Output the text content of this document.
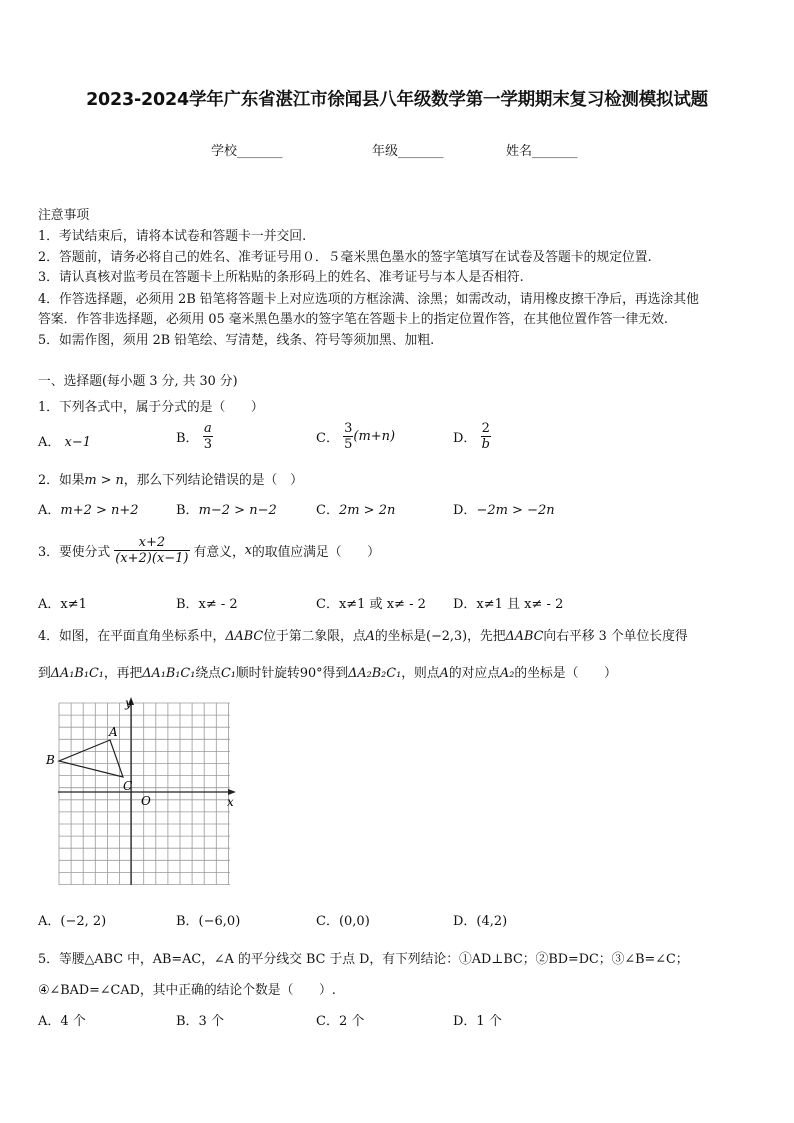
2023-2024学年广东省湛江市徐闻县八年级数学第一学期期末复习检测模拟试题
学校_______	年级_______	姓名_______
注意事项
1．考试结束后，请将本试卷和答题卡一并交回.
2．答题前，请务必将自己的姓名、准考证号用０．５毫米黑色墨水的签字笔填写在试卷及答题卡的规定位置.
3．请认真核对监考员在答题卡上所粘贴的条形码上的姓名、准考证号与本人是否相符.
4．作答选择题，必须用 2B 铅笔将答题卡上对应选项的方框涂满、涂黑；如需改动，请用橡皮擦干净后，再选涂其他
答案．作答非选择题，必须用 05 毫米黑色墨水的签字笔在答题卡上的指定位置作答，在其他位置作答一律无效.
5．如需作图，须用 2B 铅笔绘、写清楚，线条、符号等须加黑、加粗.
一、选择题(每小题 3 分, 共 30 分)
1．下列各式中，属于分式的是（　　）
A． x−1	B． $\frac{a}{3}$	C． $\frac{3}{5} (m+n)$	D． $\frac{2}{b}$
2．如果m > n，那么下列结论错误的是（　）
A．m+2 > n+2	B．m−2 > n−2	C．2m > 2n	D．−2m > −2n
3．要使分式 $\frac{x+2}{(x+2)(x-1)}$ 有意义，x的取值应满足（　　）
A．x≠1	B．x≠ - 2	C．x≠1 或 x≠ - 2 D．x≠1 且 x≠ - 2
4．如图，在平面直角坐标系中，ΔABC位于第二象限，点A的坐标是(−2,3)，先把ΔABC向右平移 3 个单位长度得
到ΔA₁B₁C₁，再把ΔA₁B₁C₁绕点C₁顺时针旋转90°得到ΔA₂B₂C₁，则点A的对应点A₂的坐标是（　　）
A
B
C
O	x
y
A．(−2, 2)	B．(−6,0)	C．(0,0)	D．(4,2)
5．等腰△ABC 中，AB=AC，∠A 的平分线交 BC 于点 D，有下列结论：①AD⊥BC；②BD=DC；③∠B=∠C；
④∠BAD=∠CAD，其中正确的结论个数是（　　）.
A．4 个	B．3 个	C．2 个	D．1 个
